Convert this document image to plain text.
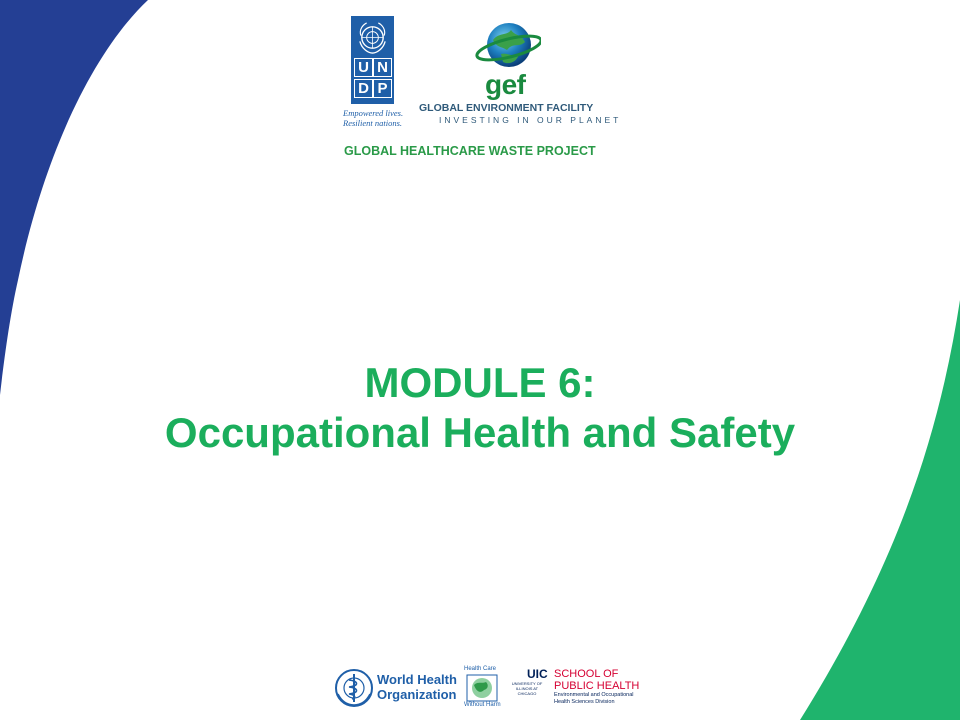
U N
D P
Empowered lives.
Resilient nations.
gef
GLOBAL ENVIRONMENT FACILITY
INVESTING IN OUR PLANET
GLOBAL HEALTHCARE WASTE PROJECT
MODULE 6:
Occupational Health and Safety
World Health
Organization
Health Care
Without Harm
UIC
UNIVERSITY OF ILLINOIS AT CHICAGO
SCHOOL OF
PUBLIC HEALTH
Environmental and Occupational
Health Sciences Division
